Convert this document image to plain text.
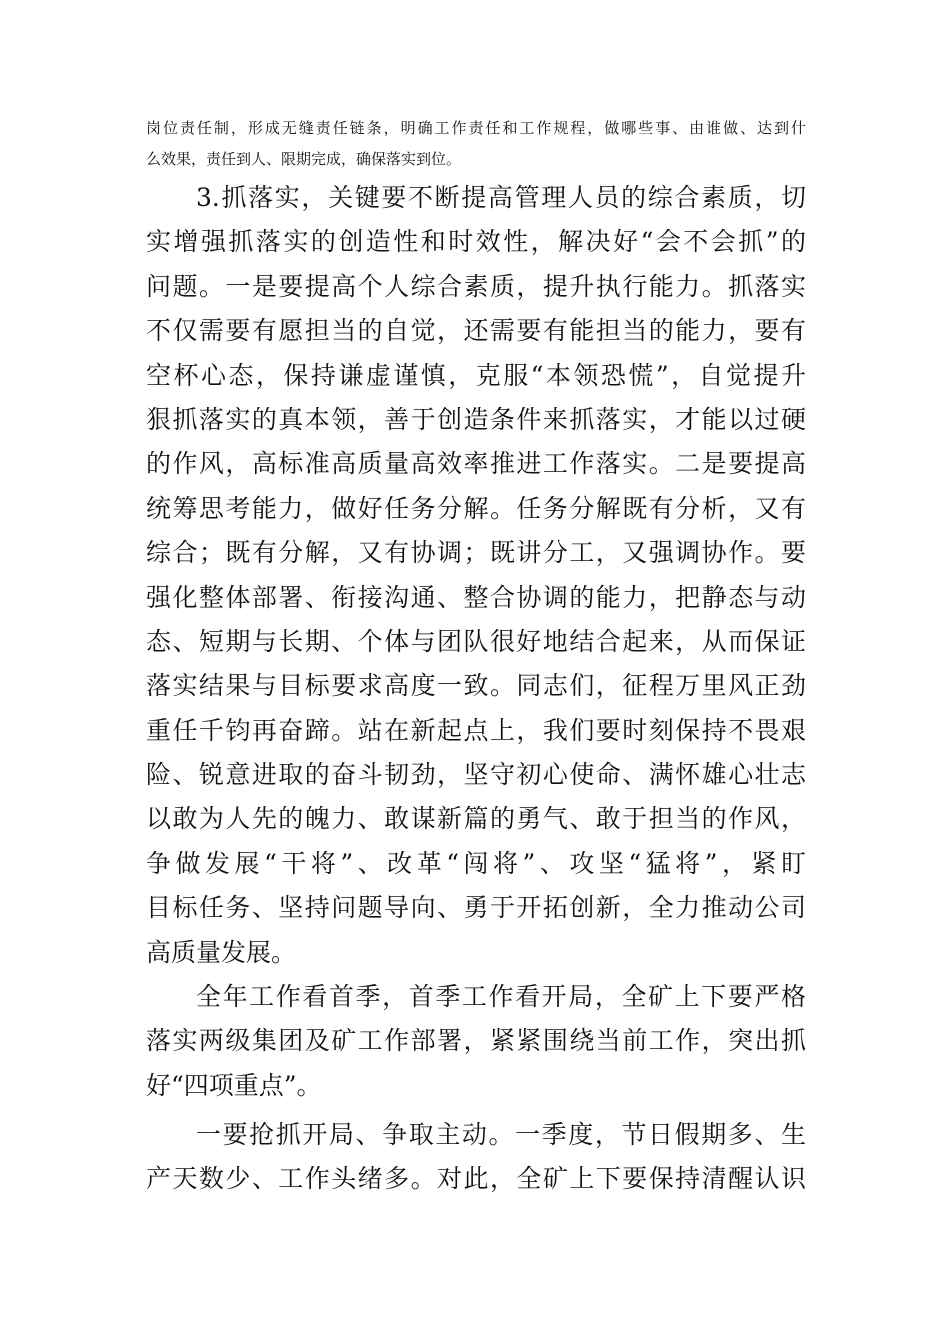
岗位责任制，形成无缝责任链条，明确工作责任和工作规程，做哪些事、由谁做、达到什
么效果，责任到人、限期完成，确保落实到位。
3.抓落实，关键要不断提高管理人员的综合素质，切
实增强抓落实的创造性和时效性，解决好“会不会抓”的
问题。一是要提高个人综合素质，提升执行能力。抓落实
不仅需要有愿担当的自觉，还需要有能担当的能力，要有
空杯心态，保持谦虚谨慎，克服“本领恐慌”，自觉提升
狠抓落实的真本领，善于创造条件来抓落实，才能以过硬
的作风，高标准高质量高效率推进工作落实。二是要提高
统筹思考能力，做好任务分解。任务分解既有分析，又有
综合；既有分解，又有协调；既讲分工，又强调协作。要
强化整体部署、衔接沟通、整合协调的能力，把静态与动
态、短期与长期、个体与团队很好地结合起来，从而保证
落实结果与目标要求高度一致。同志们，征程万里风正劲
重任千钧再奋蹄。站在新起点上，我们要时刻保持不畏艰
险、锐意进取的奋斗韧劲，坚守初心使命、满怀雄心壮志
以敢为人先的魄力、敢谋新篇的勇气、敢于担当的作风，
争做发展“干将”、改革“闯将”、攻坚“猛将”，紧盯
目标任务、坚持问题导向、勇于开拓创新，全力推动公司
高质量发展。
全年工作看首季，首季工作看开局，全矿上下要严格
落实两级集团及矿工作部署，紧紧围绕当前工作，突出抓
好“四项重点”。
一要抢抓开局、争取主动。一季度，节日假期多、生
产天数少、工作头绪多。对此，全矿上下要保持清醒认识
